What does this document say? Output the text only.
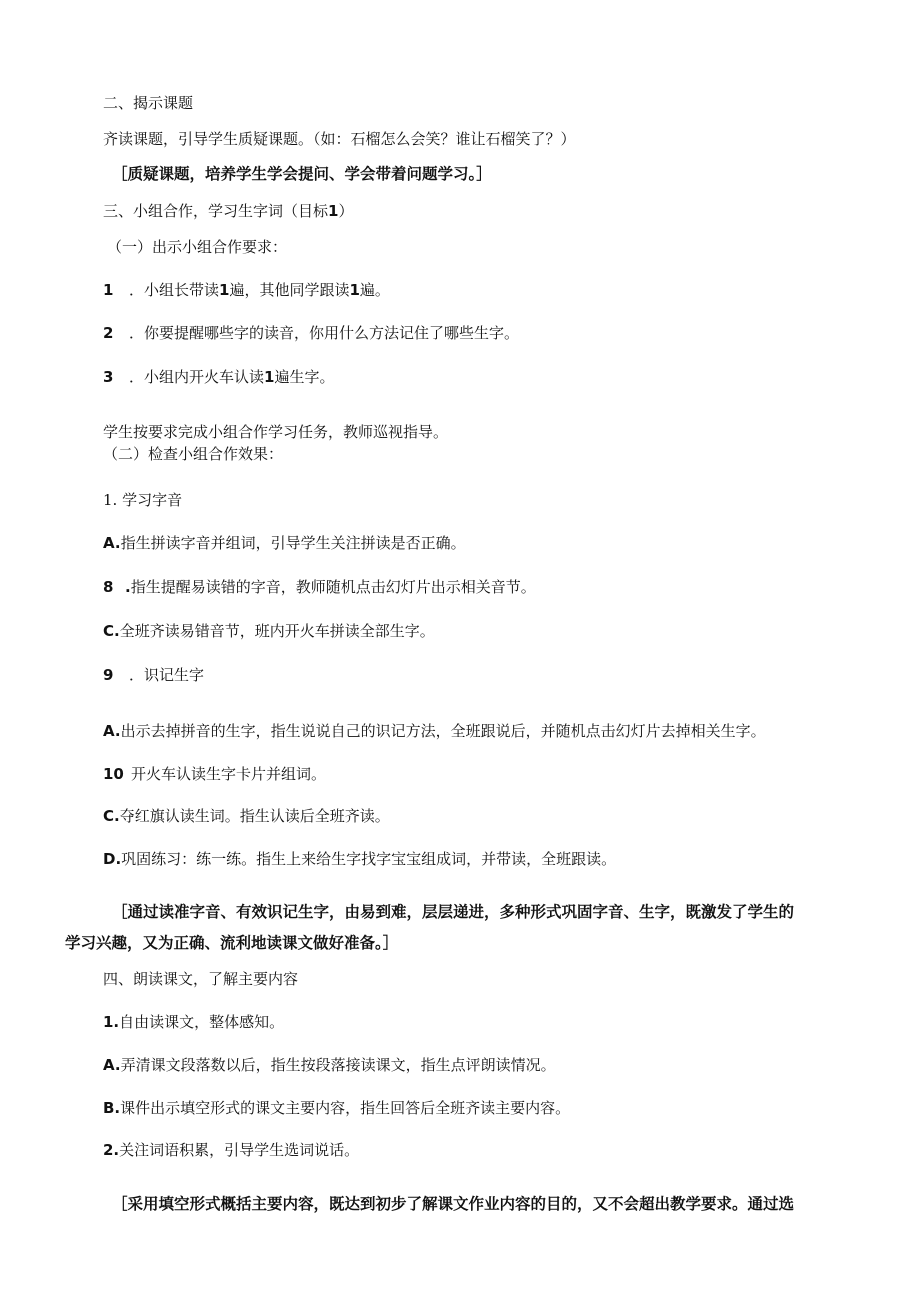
二、揭示课题
齐读课题，引导学生质疑课题。（如：石榴怎么会笑？谁让石榴笑了？）
［质疑课题，培养学生学会提问、学会带着问题学习。］
三、小组合作，学习生字词（目标1）
（一）出示小组合作要求：
1 ．小组长带读1遍，其他同学跟读1遍。
2 ．你要提醒哪些字的读音，你用什么方法记住了哪些生字。
3 ．小组内开火车认读1遍生字。
学生按要求完成小组合作学习任务，教师巡视指导。
（二）检查小组合作效果：
1. 学习字音
A.指生拼读字音并组词，引导学生关注拼读是否正确。
8 .指生提醒易读错的字音，教师随机点击幻灯片出示相关音节。
C.全班齐读易错音节，班内开火车拼读全部生字。
9 ．识记生字
A.出示去掉拼音的生字，指生说说自己的识记方法，全班跟说后，并随机点击幻灯片去掉相关生字。
10 开火车认读生字卡片并组词。
C.夺红旗认读生词。指生认读后全班齐读。
D.巩固练习：练一练。指生上来给生字找字宝宝组成词，并带读，全班跟读。
［通过读准字音、有效识记生字，由易到难，层层递进，多种形式巩固字音、生字，既激发了学生的
学习兴趣，又为正确、流利地读课文做好准备。］
四、朗读课文，了解主要内容
1.自由读课文，整体感知。
A.弄清课文段落数以后，指生按段落接读课文，指生点评朗读情况。
B.课件出示填空形式的课文主要内容，指生回答后全班齐读主要内容。
2.关注词语积累，引导学生选词说话。
［采用填空形式概括主要内容，既达到初步了解课文作业内容的目的，又不会超出教学要求。通过选
